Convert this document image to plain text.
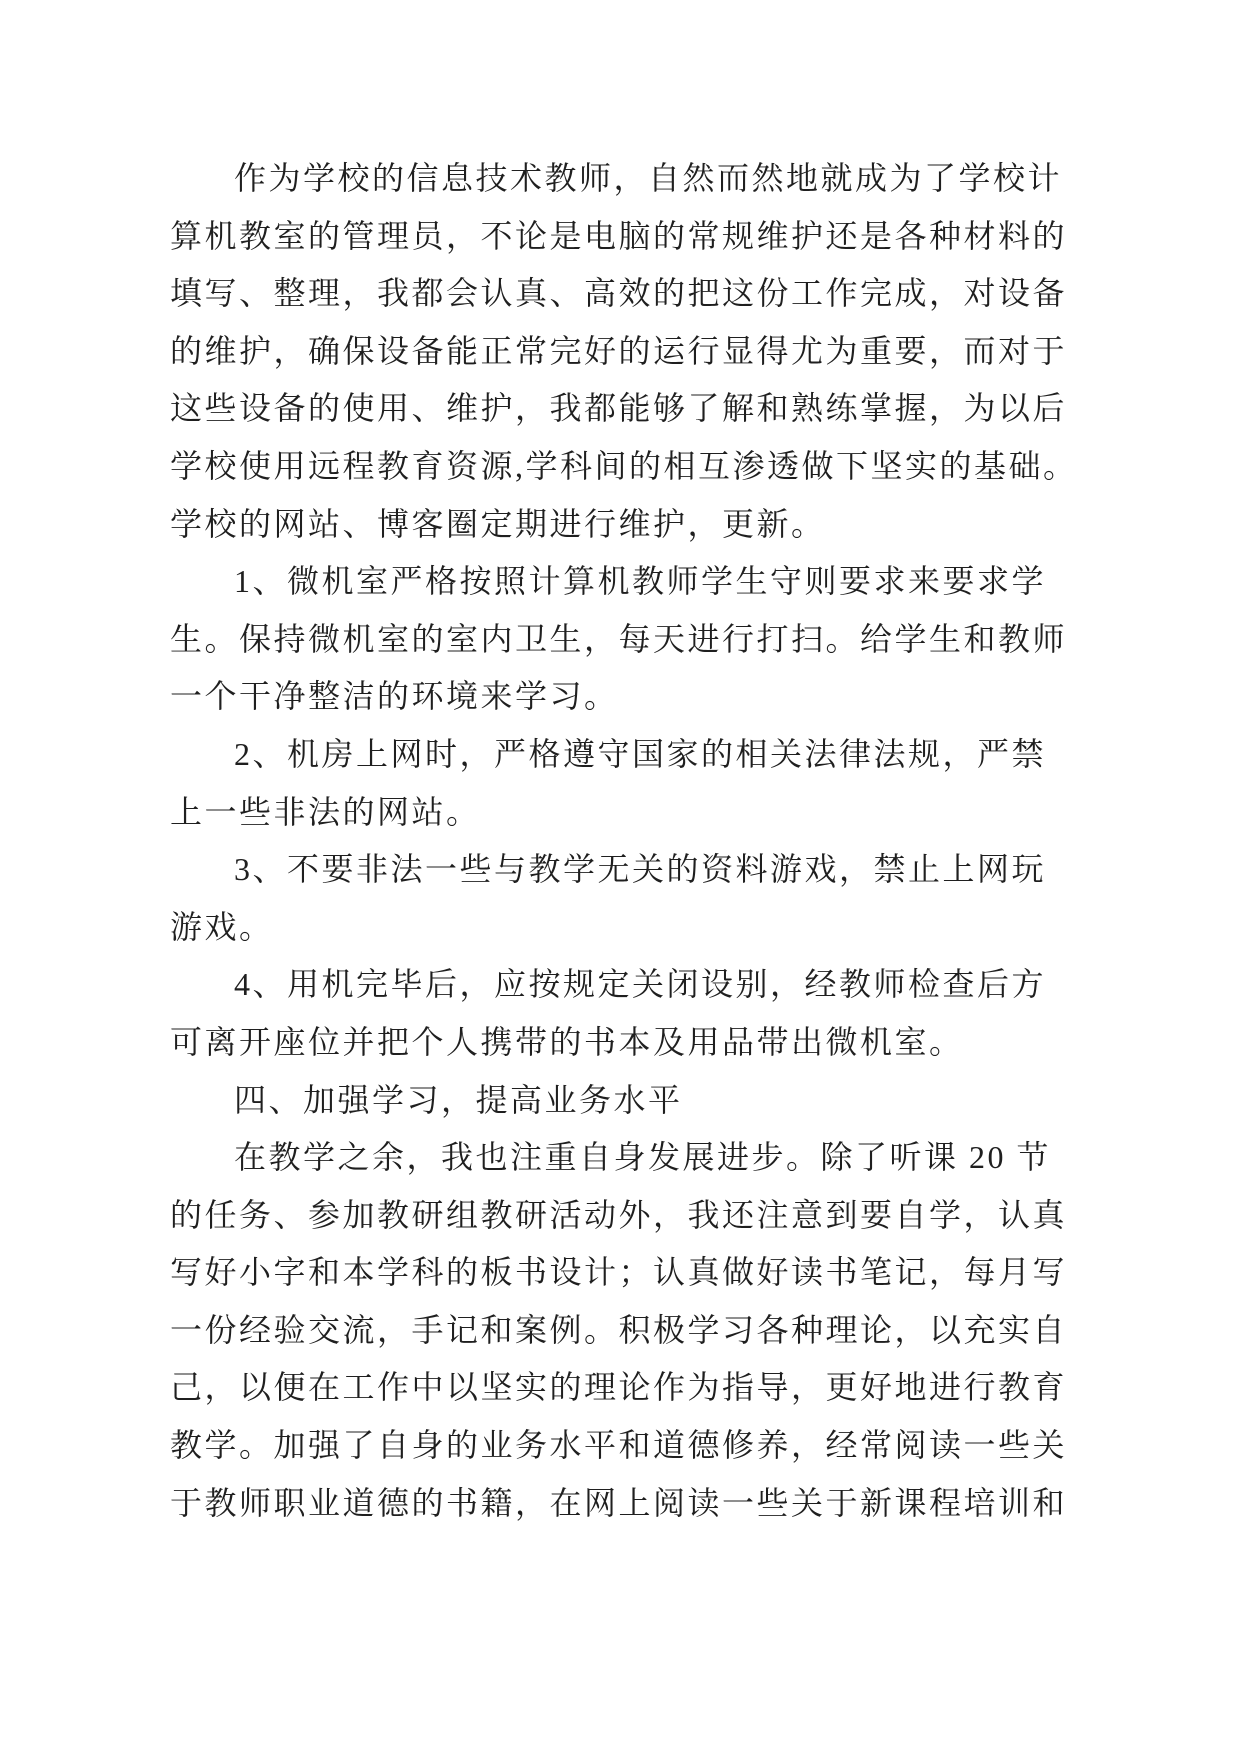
作为学校的信息技术教师，自然而然地就成为了学校计
算机教室的管理员，不论是电脑的常规维护还是各种材料的
填写、整理，我都会认真、高效的把这份工作完成，对设备
的维护，确保设备能正常完好的运行显得尤为重要，而对于
这些设备的使用、维护，我都能够了解和熟练掌握，为以后
学校使用远程教育资源,学科间的相互渗透做下坚实的基础。
学校的网站、博客圈定期进行维护，更新。
1、微机室严格按照计算机教师学生守则要求来要求学
生。保持微机室的室内卫生，每天进行打扫。给学生和教师
一个干净整洁的环境来学习。
2、机房上网时，严格遵守国家的相关法律法规，严禁
上一些非法的网站。
3、不要非法一些与教学无关的资料游戏，禁止上网玩
游戏。
4、用机完毕后，应按规定关闭设别，经教师检查后方
可离开座位并把个人携带的书本及用品带出微机室。
四、加强学习，提高业务水平
在教学之余，我也注重自身发展进步。除了听课 20 节
的任务、参加教研组教研活动外，我还注意到要自学，认真
写好小字和本学科的板书设计；认真做好读书笔记，每月写
一份经验交流，手记和案例。积极学习各种理论，以充实自
己，以便在工作中以坚实的理论作为指导，更好地进行教育
教学。加强了自身的业务水平和道德修养，经常阅读一些关
于教师职业道德的书籍，在网上阅读一些关于新课程培训和
